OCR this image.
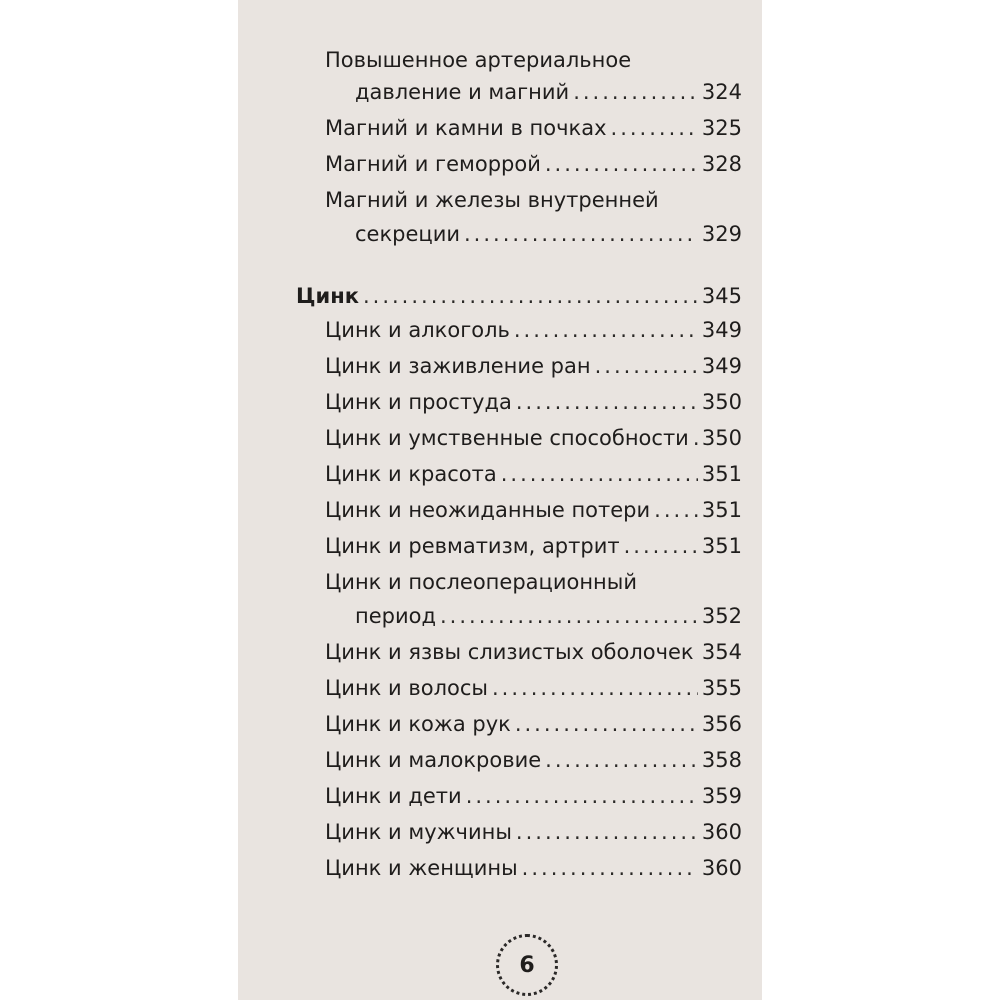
Повышенное артериальное
давление и магний .....	324
Магний и камни в почках .....	325
Магний и геморрой .....	328
Магний и железы внутренней
секреции .....	329
Цинк .....	345
Цинк и алкоголь .....	349
Цинк и заживление ран .....	349
Цинк и простуда .....	350
Цинк и умственные способности ..... 350
Цинк и красота .....	351
Цинк и неожиданные потери ..... 351
Цинк и ревматизм, артрит .....	351
Цинк и послеоперационный
период .....	352
Цинк и язвы слизистых оболочек ..... 354
Цинк и волосы .....	355
Цинк и кожа рук .....	356
Цинк и малокровие .....	358
Цинк и дети .....	359
Цинк и мужчины .....	360
Цинк и женщины .....	360
6
